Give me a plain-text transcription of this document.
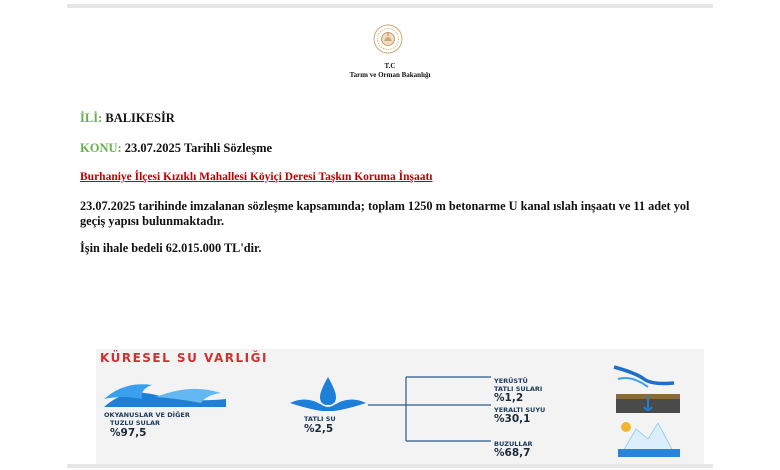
T.C
Tarım ve Orman Bakanlığı
İLİ: BALIKESİR
KONU: 23.07.2025 Tarihli Sözleşme
Burhaniye İlçesi Kızıklı Mahallesi Köyiçi Deresi Taşkın Koruma İnşaatı
23.07.2025 tarihinde imzalanan sözleşme kapsamında; toplam 1250 m betonarme U kanal ıslah inşaatı ve 11 adet yol geçiş yapısı bulunmaktadır.
İşin ihale bedeli 62.015.000 TL'dir.
KÜRESEL SU VARLIĞI
OKYANUSLAR VE DİĞER
TUZLU SULAR
%97,5
TATLI SU
%2,5
YERÜSTÜ
TATLI SULARI
%1,2
YERALTI SUYU
%30,1
BUZULLAR
%68,7
